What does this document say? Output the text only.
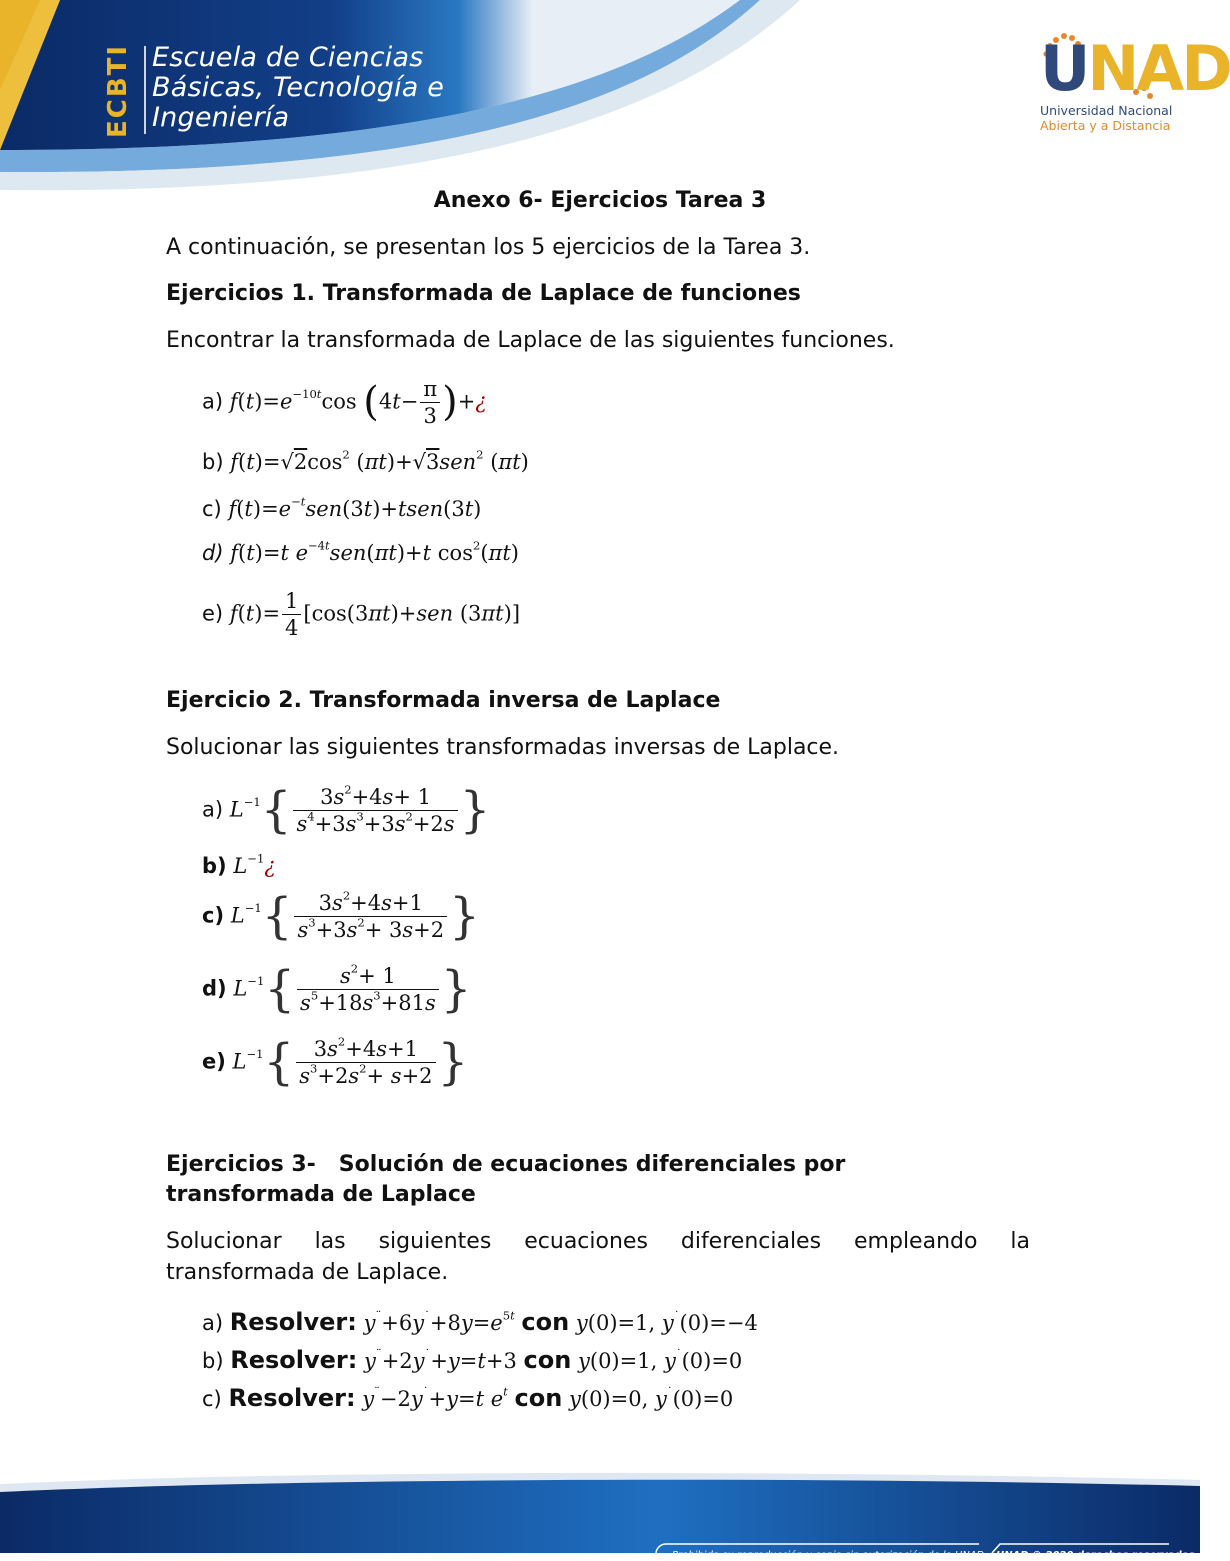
ECBTI Escuela de Ciencias
Básicas, Tecnología e
Ingeniería
UNAD
Universidad Nacional
Abierta y a Distancia
Anexo 6- Ejercicios Tarea 3
A continuación, se presentan los 5 ejercicios de la Tarea 3.
Ejercicios 1. Transformada de Laplace de funciones
Encontrar la transformada de Laplace de las siguientes funciones.
a) $f(t)=e^{-10t}\cos$ ($4t- \frac{\pi}{3}$ )+¿
b) $f(t)=√2\cos^2$ (πt)+√3sen$^2$ (πt)
c) $f(t)=e^{-t}sen(3t)+tsen(3t)$
d) f(t)=t $e^{-4t}sen(\pi t)+t$ $\cos^2(\pi t)$
e) $f(t)= \frac{1}{4} [\cos(3\pi t)+sen$ (3πt)]
Ejercicio 2. Transformada inversa de Laplace
Solucionar las siguientes transformadas inversas de Laplace.
a) $L^{-1}\{ \frac{3s^2+4s+ 1}{s^4+3s^3+3s^2+2s}$ }
b) $L^{-1}¿$
c) $L^{-1}\{ \frac{3s^2+4s+1}{s^3+3s^2+ 3s+2}$ }
d) $L^{-1}\{ \frac{s^2+ 1}{s^5+18s^3+81s}$ }
e) $L^{-1}\{ \frac{3s^2+4s+1}{s^3+2s^2+ s+2}$ }
Ejercicios 3-   Solución de ecuaciones diferenciales por
transformada de Laplace
Solucionar las siguientes ecuaciones diferenciales empleando la
transformada de Laplace.
a) Resolver: $y^¨+6y^˙+8y=e^{5t}$ con y(0)=1, y˙(0)=−4
b) Resolver: y¨+2y˙+y=t+3 con y(0)=1, y˙(0)=0
c) Resolver: y¨−2y˙+y=t $e^t$ con y(0)=0, y˙(0)=0
Prohibida su reproducción y copia sin autorización de la UNAD UNAD © 2020 derechos reservados.
